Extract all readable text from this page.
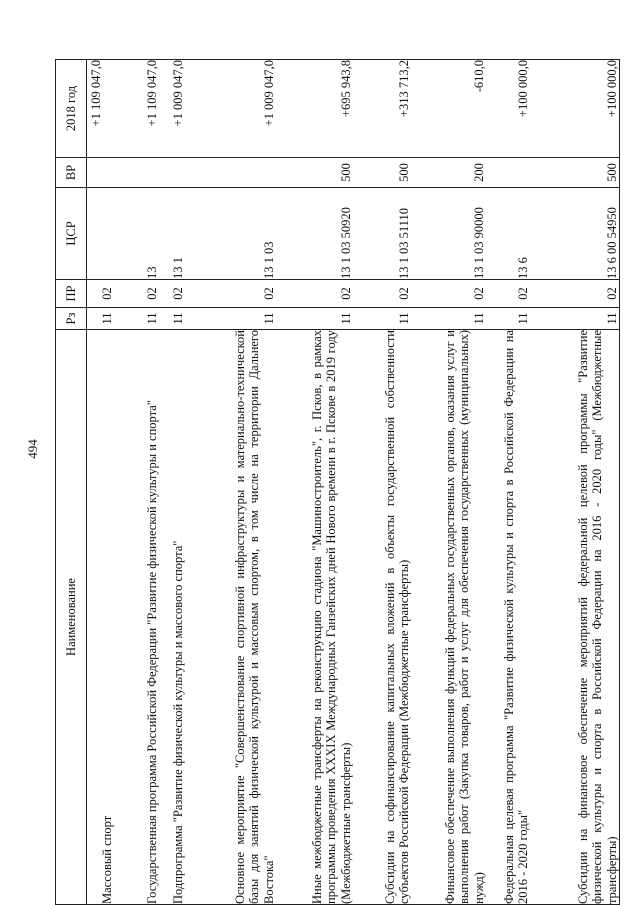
494
Наименование	Рз	ПР	ЦСР	ВР	2018 год

Массовый спорт	11	02			+1 109 047,0

Государственная программа Российской Федерации "Развитие физической культуры и спорта"	11	02	13		+1 109 047,0

Подпрограмма "Развитие физической культуры и массового спорта"	11	02	13 1		+1 009 047,0

Основное мероприятие "Совершенствование спортивной инфраструктуры и материально-технической базы для занятий физической культурой и массовым спортом, в том числе на территории Дальнего Востока"	11	02	13 1 03		+1 009 047,0

Иные межбюджетные трансферты на реконструкцию стадиона "Машиностроитель", г. Псков, в рамках программы проведения XXXIX Международных Ганзейских дней Нового времени в г. Пскове в 2019 году (Межбюджетные трансферты)	11	02	13 1 03 50920	500	+695 943,8

Субсидии на софинансирование капитальных вложений в объекты государственной собственности субъектов Российской Федерации (Межбюджетные трансферты)	11	02	13 1 03 51110	500	+313 713,2

Финансовое обеспечение выполнения функций федеральных государственных органов, оказания услуг и выполнения работ (Закупка товаров, работ и услуг для обеспечения государственных (муниципальных) нужд)	11	02	13 1 03 90000	200	-610,0

Федеральная целевая программа "Развитие физической культуры и спорта в Российской Федерации на 2016 - 2020 годы"	11	02	13 6		+100 000,0

Субсидии на финансовое обеспечение мероприятий федеральной целевой программы "Развитие физической культуры и спорта в Российской Федерации на 2016 - 2020 годы" (Межбюджетные трансферты)	11	02	13 6 00 54950	500	+100 000,0
